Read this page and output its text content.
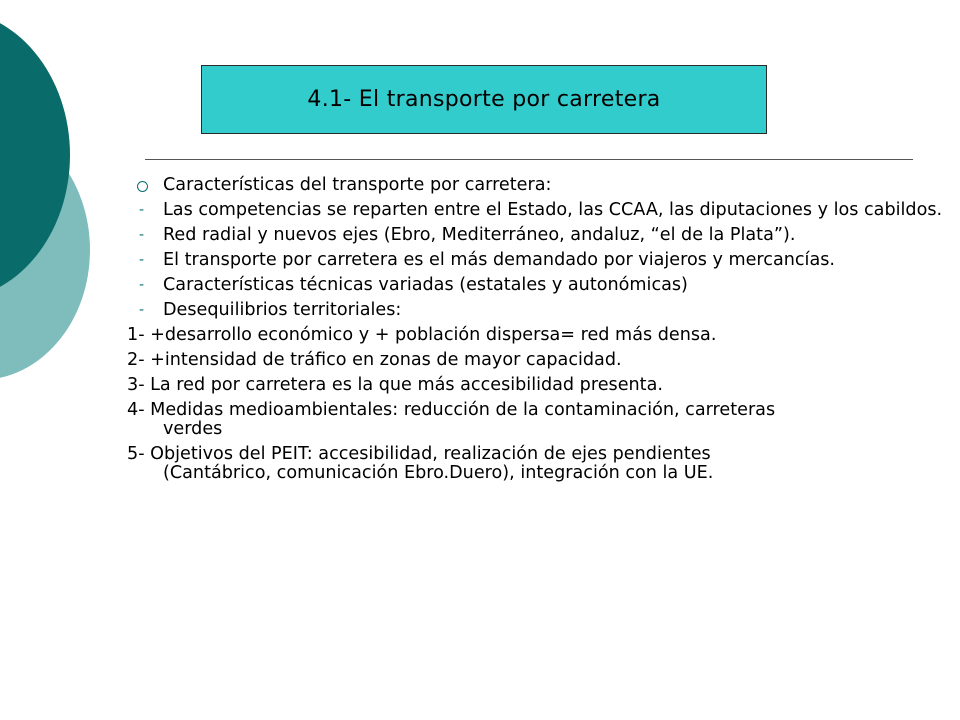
4.1- El transporte por carretera
Características del transporte por carretera:
- Las competencias se reparten entre el Estado, las CCAA, las diputaciones y los cabildos.
- Red radial y nuevos ejes (Ebro, Mediterráneo, andaluz, “el de la Plata”).
- El transporte por carretera es el más demandado por viajeros y mercancías.
- Características técnicas variadas (estatales y autonómicas)
- Desequilibrios territoriales:
1- +desarrollo económico y + población dispersa= red más densa.
2- +intensidad de tráfico en zonas de mayor capacidad.
3- La red por carretera es la que más accesibilidad presenta.
4- Medidas medioambientales: reducción de la contaminación, carreteras
verdes
5- Objetivos del PEIT: accesibilidad, realización de ejes pendientes
(Cantábrico, comunicación Ebro.Duero), integración con la UE.
